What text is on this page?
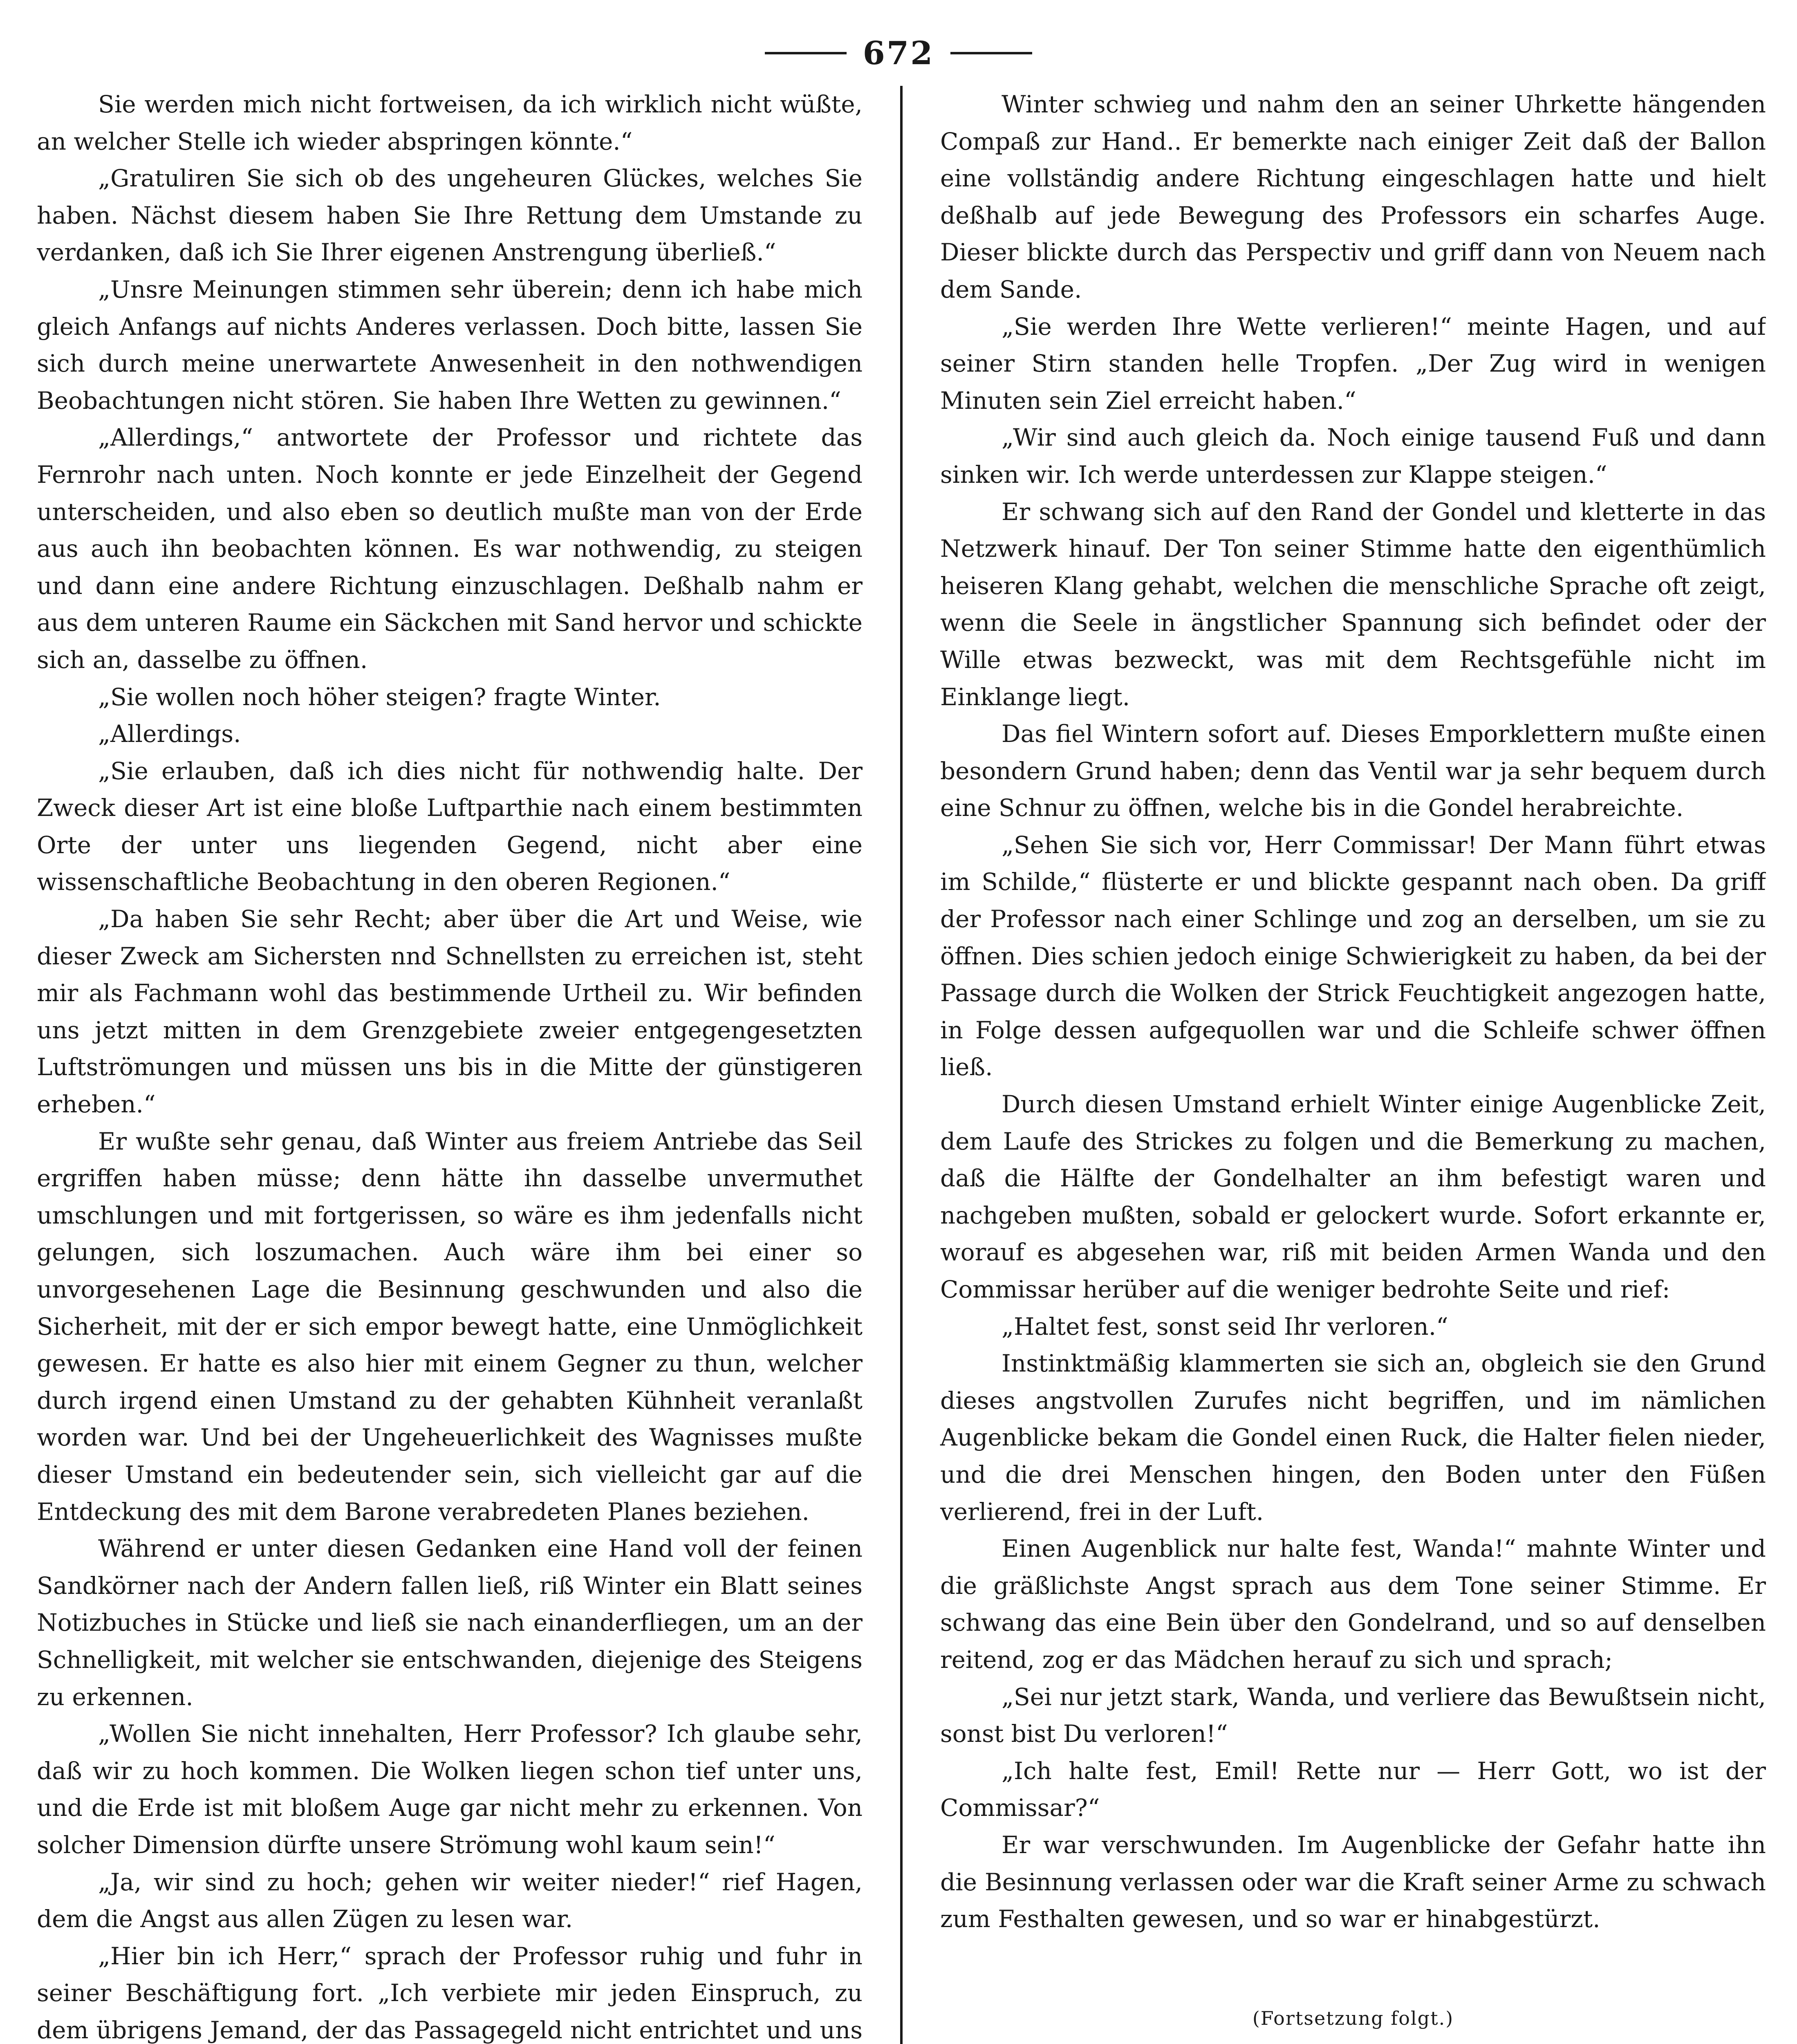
672

Sie werden mich nicht fortweisen, da ich wirklich nicht wüßte, an welcher Stelle ich wieder abspringen könnte.“

„Gratuliren Sie sich ob des ungeheuren Glückes, welches Sie haben. Nächst diesem haben Sie Ihre Rettung dem Umstande zu verdanken, daß ich Sie Ihrer eigenen Anstrengung überließ.“

„Unsre Meinungen stimmen sehr überein; denn ich habe mich gleich Anfangs auf nichts Anderes verlassen. Doch bitte, lassen Sie sich durch meine unerwartete Anwesenheit in den nothwendigen Beobachtungen nicht stören. Sie haben Ihre Wetten zu gewinnen.“

„Allerdings,“ antwortete der Professor und richtete das Fernrohr nach unten. Noch konnte er jede Einzelheit der Gegend unterscheiden, und also eben so deutlich mußte man von der Erde aus auch ihn beobachten können. Es war nothwendig, zu steigen und dann eine andere Richtung einzuschlagen. Deßhalb nahm er aus dem unteren Raume ein Säckchen mit Sand hervor und schickte sich an, dasselbe zu öffnen.

„Sie wollen noch höher steigen? fragte Winter.

„Allerdings.

„Sie erlauben, daß ich dies nicht für nothwendig halte. Der Zweck dieser Art ist eine bloße Luftparthie nach einem bestimmten Orte der unter uns liegenden Gegend, nicht aber eine wissenschaftliche Beobachtung in den oberen Regionen.“

„Da haben Sie sehr Recht; aber über die Art und Weise, wie dieser Zweck am Sichersten nnd Schnellsten zu erreichen ist, steht mir als Fachmann wohl das bestimmende Urtheil zu. Wir befinden uns jetzt mitten in dem Grenzgebiete zweier entgegengesetzten Luftströmungen und müssen uns bis in die Mitte der günstigeren erheben.“

Er wußte sehr genau, daß Winter aus freiem Antriebe das Seil ergriffen haben müsse; denn hätte ihn dasselbe unvermuthet umschlungen und mit fortgerissen, so wäre es ihm jedenfalls nicht gelungen, sich loszumachen. Auch wäre ihm bei einer so unvorgesehenen Lage die Besinnung geschwunden und also die Sicherheit, mit der er sich empor bewegt hatte, eine Unmöglichkeit gewesen. Er hatte es also hier mit einem Gegner zu thun, welcher durch irgend einen Umstand zu der gehabten Kühnheit veranlaßt worden war. Und bei der Ungeheuerlichkeit des Wagnisses mußte dieser Umstand ein bedeutender sein, sich vielleicht gar auf die Entdeckung des mit dem Barone verabredeten Planes beziehen.

Während er unter diesen Gedanken eine Hand voll der feinen Sandkörner nach der Andern fallen ließ, riß Winter ein Blatt seines Notizbuches in Stücke und ließ sie nach einanderfliegen, um an der Schnelligkeit, mit welcher sie entschwanden, diejenige des Steigens zu erkennen.

„Wollen Sie nicht innehalten, Herr Professor? Ich glaube sehr, daß wir zu hoch kommen. Die Wolken liegen schon tief unter uns, und die Erde ist mit bloßem Auge gar nicht mehr zu erkennen. Von solcher Dimension dürfte unsere Strömung wohl kaum sein!“

„Ja, wir sind zu hoch; gehen wir weiter nieder!“ rief Hagen, dem die Angst aus allen Zügen zu lesen war.

„Hier bin ich Herr,“ sprach der Professor ruhig und fuhr in seiner Beschäftigung fort. „Ich verbiete mir jeden Einspruch, zu dem übrigens Jemand, der das Passagegeld nicht entrichtet und uns

Winter schwieg und nahm den an seiner Uhrkette hängenden Compaß zur Hand.. Er bemerkte nach einiger Zeit daß der Ballon eine vollständig andere Richtung eingeschlagen hatte und hielt deßhalb auf jede Bewegung des Professors ein scharfes Auge. Dieser blickte durch das Perspectiv und griff dann von Neuem nach dem Sande.

„Sie werden Ihre Wette verlieren!“ meinte Hagen, und auf seiner Stirn standen helle Tropfen. „Der Zug wird in wenigen Minuten sein Ziel erreicht haben.“

„Wir sind auch gleich da. Noch einige tausend Fuß und dann sinken wir. Ich werde unterdessen zur Klappe steigen.“

Er schwang sich auf den Rand der Gondel und kletterte in das Netzwerk hinauf. Der Ton seiner Stimme hatte den eigenthümlich heiseren Klang gehabt, welchen die menschliche Sprache oft zeigt, wenn die Seele in ängstlicher Spannung sich befindet oder der Wille etwas bezweckt, was mit dem Rechtsgefühle nicht im Einklange liegt.

Das fiel Wintern sofort auf. Dieses Emporklettern mußte einen besondern Grund haben; denn das Ventil war ja sehr bequem durch eine Schnur zu öffnen, welche bis in die Gondel herabreichte.

„Sehen Sie sich vor, Herr Commissar! Der Mann führt etwas im Schilde,“ flüsterte er und blickte gespannt nach oben. Da griff der Professor nach einer Schlinge und zog an derselben, um sie zu öffnen. Dies schien jedoch einige Schwierigkeit zu haben, da bei der Passage durch die Wolken der Strick Feuchtigkeit angezogen hatte, in Folge dessen aufgequollen war und die Schleife schwer öffnen ließ.

Durch diesen Umstand erhielt Winter einige Augenblicke Zeit, dem Laufe des Strickes zu folgen und die Bemerkung zu machen, daß die Hälfte der Gondelhalter an ihm befestigt waren und nachgeben mußten, sobald er gelockert wurde. Sofort erkannte er, worauf es abgesehen war, riß mit beiden Armen Wanda und den Commissar herüber auf die weniger bedrohte Seite und rief:

„Haltet fest, sonst seid Ihr verloren.“

Instinktmäßig klammerten sie sich an, obgleich sie den Grund dieses angstvollen Zurufes nicht begriffen, und im nämlichen Augenblicke bekam die Gondel einen Ruck, die Halter fielen nieder, und die drei Menschen hingen, den Boden unter den Füßen verlierend, frei in der Luft.

Einen Augenblick nur halte fest, Wanda!“ mahnte Winter und die gräßlichste Angst sprach aus dem Tone seiner Stimme. Er schwang das eine Bein über den Gondelrand, und so auf denselben reitend, zog er das Mädchen herauf zu sich und sprach;

„Sei nur jetzt stark, Wanda, und verliere das Bewußtsein nicht, sonst bist Du verloren!“

„Ich halte fest, Emil! Rette nur — Herr Gott, wo ist der Commissar?“

Er war verschwunden. Im Augenblicke der Gefahr hatte ihn die Besinnung verlassen oder war die Kraft seiner Arme zu schwach zum Festhalten gewesen, und so war er hinabgestürzt.

(Fortsetzung folgt.)
